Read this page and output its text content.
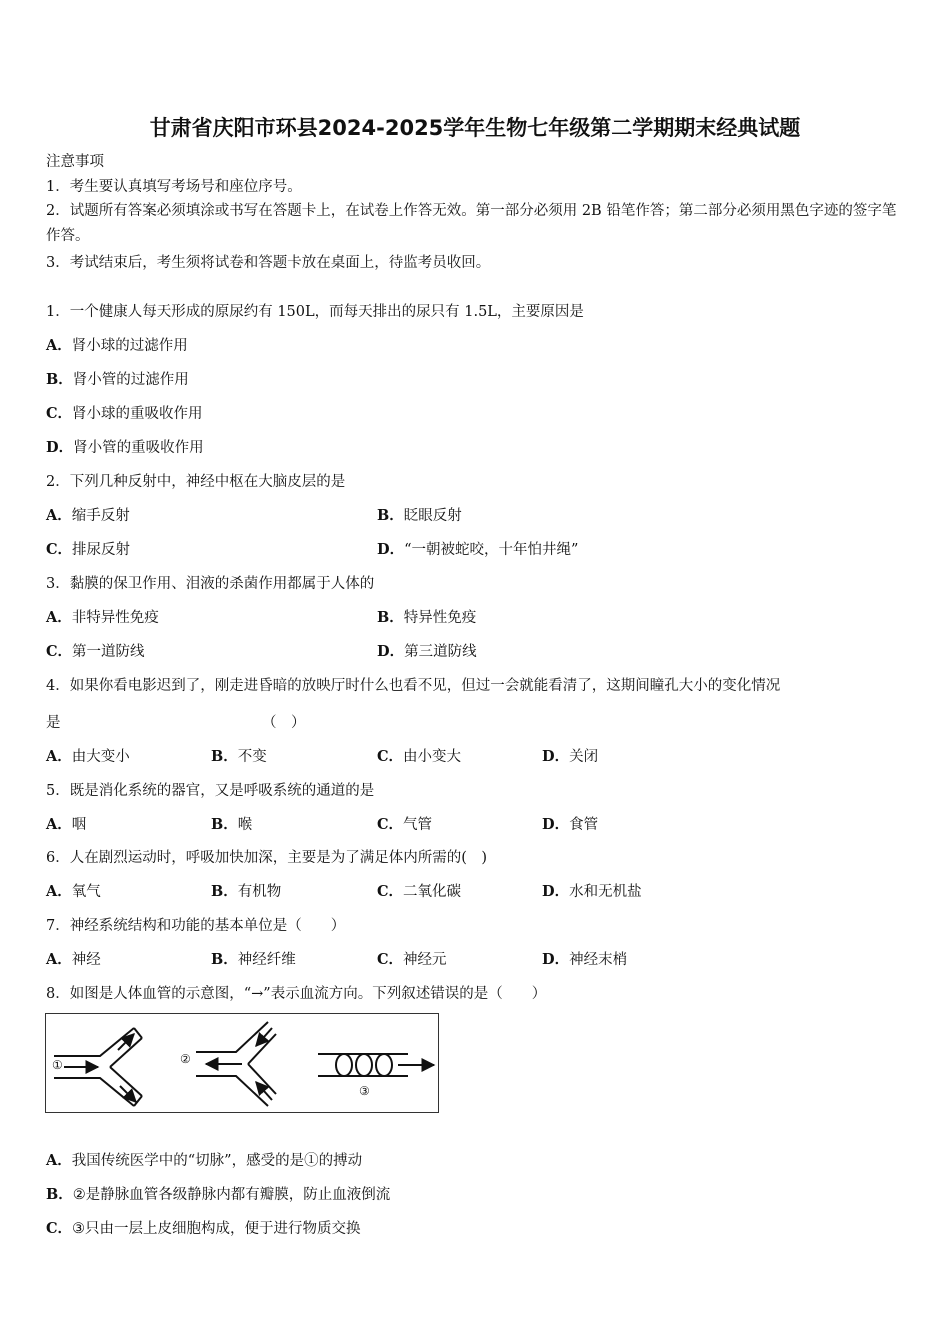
甘肃省庆阳市环县2024-2025学年生物七年级第二学期期末经典试题
注意事项
1．考生要认真填写考场号和座位序号。
2．试题所有答案必须填涂或书写在答题卡上，在试卷上作答无效。第一部分必须用 2B 铅笔作答；第二部分必须用黑色字迹的签字笔作答。
3．考试结束后，考生须将试卷和答题卡放在桌面上，待监考员收回。
1．一个健康人每天形成的原尿约有 150L，而每天排出的尿只有 1.5L，主要原因是
A．肾小球的过滤作用
B．肾小管的过滤作用
C．肾小球的重吸收作用
D．肾小管的重吸收作用
2．下列几种反射中，神经中枢在大脑皮层的是
A．缩手反射	B．眨眼反射
C．排尿反射	D．“一朝被蛇咬，十年怕井绳”
3．黏膜的保卫作用、泪液的杀菌作用都属于人体的
A．非特异性免疫	B．特异性免疫
C．第一道防线	D．第三道防线
4．如果你看电影迟到了，刚走进昏暗的放映厅时什么也看不见，但过一会就能看清了，这期间瞳孔大小的变化情况
是	（　）
A．由大变小	B．不变	C．由小变大	D．关闭
5．既是消化系统的器官，又是呼吸系统的通道的是
A．咽	B．喉	C．气管	D．食管
6．人在剧烈运动时，呼吸加快加深，主要是为了满足体内所需的(　)
A．氧气	B．有机物	C．二氧化碳	D．水和无机盐
7．神经系统结构和功能的基本单位是（　　）
A．神经	B．神经纤维	C．神经元	D．神经末梢
8．如图是人体血管的示意图，“→”表示血流方向。下列叙述错误的是（　　）
①	②
③
A．我国传统医学中的“切脉”，感受的是①的搏动
B．②是静脉血管各级静脉内都有瓣膜，防止血液倒流
C．③只由一层上皮细胞构成，便于进行物质交换
